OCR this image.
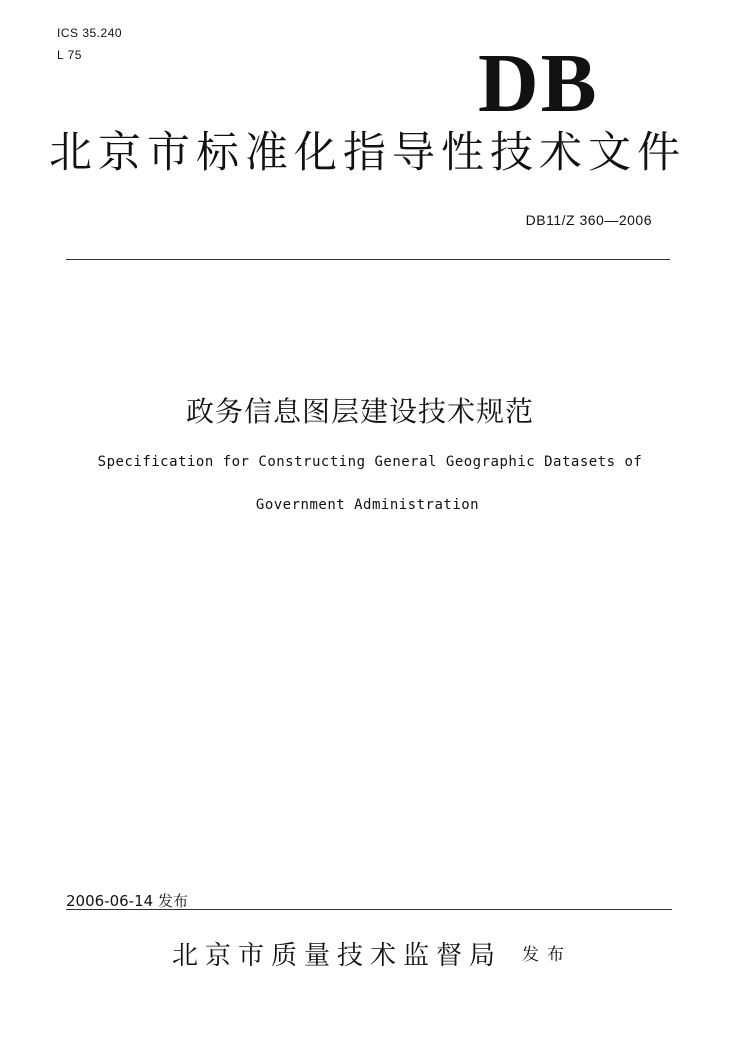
ICS 35.240
L 75	DB
北京市标准化指导性技术文件
DB11/Z 360—2006
政务信息图层建设技术规范
Specification for Constructing General Geographic Datasets of
Government Administration
2006-06-14 发布
北京市质量技术监督局 发布
